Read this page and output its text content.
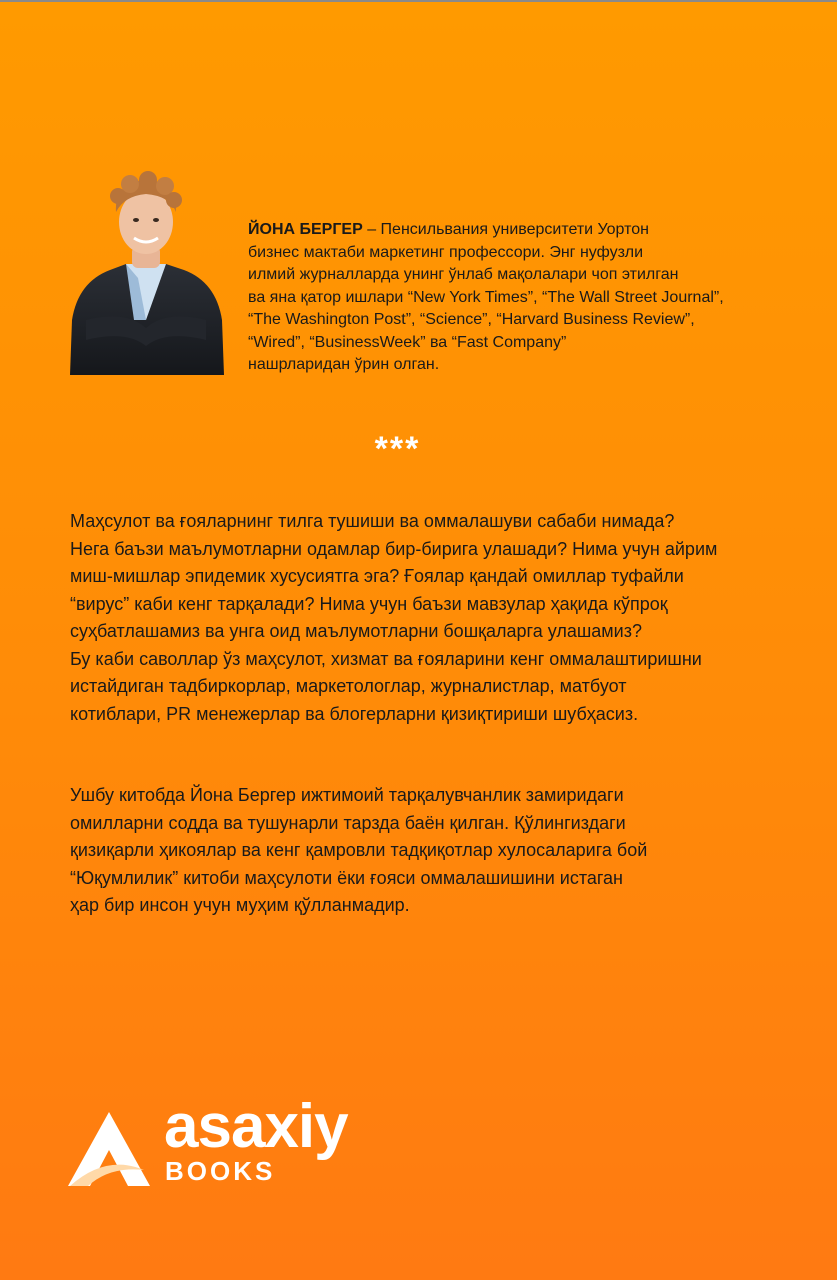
ЙОНА БЕРГЕР – Пенсильвания университети Уортон
бизнес мактаби маркетинг профессори. Энг нуфузли
илмий журналларда унинг ўнлаб мақолалари чоп этилган
ва яна қатор ишлари “New York Times”, “The Wall Street Journal”,
“The Washington Post”, “Science”, “Harvard Business Review”,
“Wired”, “BusinessWeek” ва “Fast Company”
нашрларидан ўрин олган.

***

Маҳсулот ва ғояларнинг тилга тушиши ва оммалашуви сабаби нимада?
Нега баъзи маълумотларни одамлар бир-бирига улашади? Нима учун айрим
миш-мишлар эпидемик хусусиятга эга? Ғоялар қандай омиллар туфайли
“вирус” каби кенг тарқалади? Нима учун баъзи мавзулар ҳақида кўпроқ
суҳбатлашамиз ва унга оид маълумотларни бошқаларга улашамиз?
Бу каби саволлар ўз маҳсулот, хизмат ва ғояларини кенг оммалаштиришни
истайдиган тадбиркорлар, маркетологлар, журналистлар, матбуот
котиблари, PR менежерлар ва блогерларни қизиқтириши шубҳасиз.

Ушбу китобда Йона Бергер ижтимоий тарқалувчанлик замиридаги
омилларни содда ва тушунарли тарзда баён қилган. Қўлингиздаги
қизиқарли ҳикоялар ва кенг қамровли тадқиқотлар хулосаларига бой
“Юқумлилик” китоби маҳсулоти ёки ғояси оммалашишини истаган
ҳар бир инсон учун муҳим қўлланмадир.

asaxiy
BOOKS
